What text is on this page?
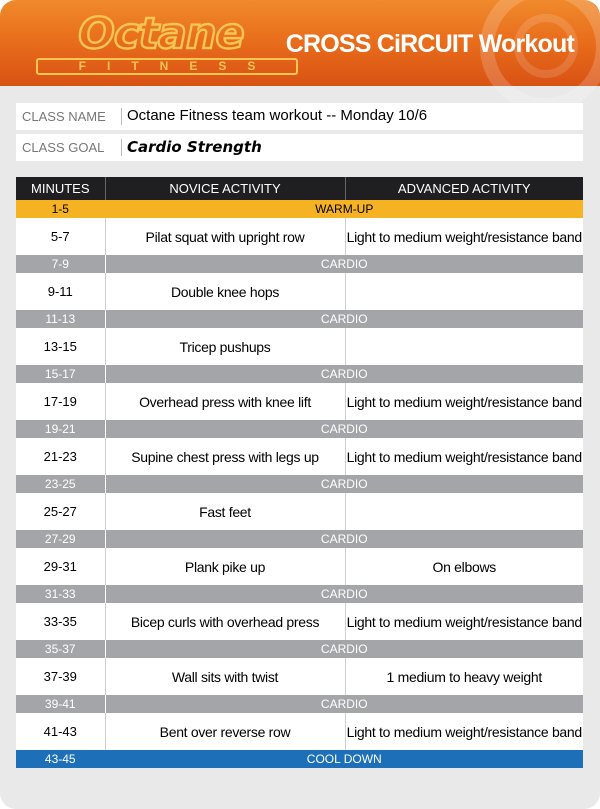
Octane
FITNESS
CROSS CiRCUIT Workout
CLASS NAME Octane Fitness team workout -- Monday 10/6
CLASS GOAL Cardio Strength
MINUTES	NOVICE ACTIVITY	ADVANCED ACTIVITY
1-5	WARM-UP	
5-7	Pilat squat with upright row	Light to medium weight/resistance band
7-9	CARDIO	
9-11	Double knee hops	
11-13	CARDIO	
13-15	Tricep pushups	
15-17	CARDIO	
17-19	Overhead press with knee lift	Light to medium weight/resistance band
19-21	CARDIO	
21-23	Supine chest press with legs up	Light to medium weight/resistance band
23-25	CARDIO	
25-27	Fast feet	
27-29	CARDIO	
29-31	Plank pike up	On elbows
31-33	CARDIO	
33-35	Bicep curls with overhead press	Light to medium weight/resistance band
35-37	CARDIO	
37-39	Wall sits with twist	1 medium to heavy weight
39-41	CARDIO	
41-43	Bent over reverse row	Light to medium weight/resistance band
43-45	COOL DOWN	
